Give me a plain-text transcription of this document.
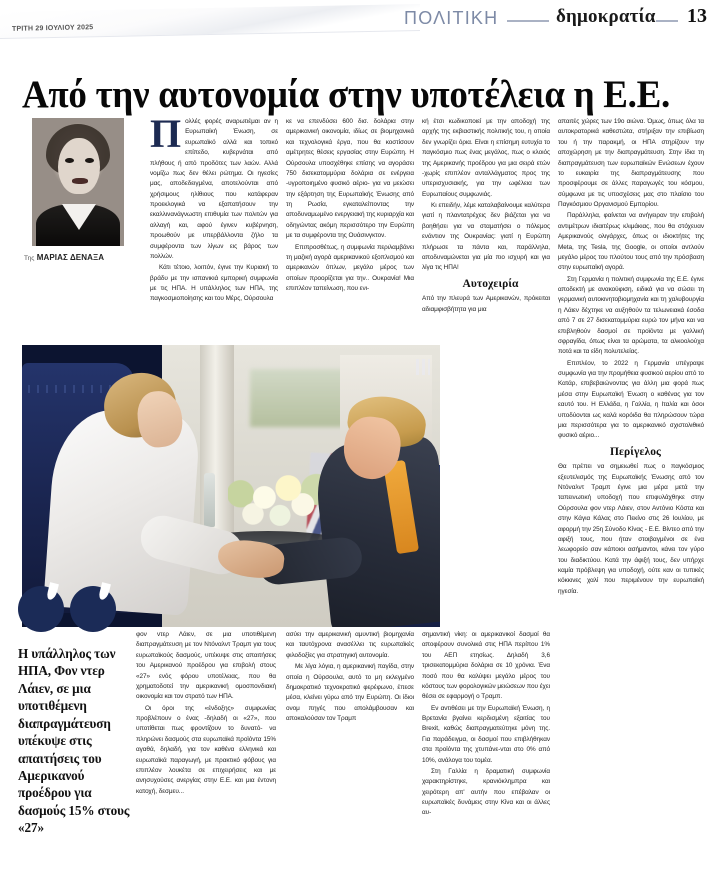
ΤΡΙΤΗ 29 ΙΟΥΛΙΟΥ 2025
ΠΟΛΙΤΙΚΗ	δημοκρατία 13
Από την αυτονομία στην υποτέλεια η Ε.Ε.
Της ΜΑΡΙΑΣ ΔΕΝΑΞΑ

Πολλές φορές αναρωτιέμαι αν η Ευρωπαϊκή Ένωση, σε ευρωπαϊκό αλλά και τοπικό επίπεδο, κυβερνάται από πλήθους ή από προδότες των λαών. Αλλά νομίζω πως δεν θέλει ρώτημα. Οι ηγεσίες μας, αποδεδειγμένα, αποτελούνται από χρήσιμους ηλίθιους που κατάφεραν προεκλογικά να εξαπατήσουν την εκαλλινανάγνωστη επιθυμία των πολιτών για αλλαγή και, αφού έγινεν κυβέρνηση, προωθούν με υπερβάλλοντα ζήλο τα συμφέροντα των λίγων εις βάρος των πολλών.

Κάτι τέτοιο, λοιπόν, έγινε την Κυριακή το βράδυ με την ισπανικιά εμπορική συμφωνία με τις ΗΠΑ. Η υπάλληλος των ΗΠΑ, της παγκοσμιοποίησης και του Μέρς, Ούρσουλα

κε να επενδύσει 600 δισ. δολάρια στην αμερικανική οικονομία, ιδίως σε βιομηχανικά και τεχνολογικά έργα, που θα κοστίσουν αμέτρητες θέσεις εργασίας στην Ευρώπη. Η Ούρσουλα υποσχέθηκε επίσης να αγοράσει 750 δισεκατομμύρια δολάρια σε ενέργεια -υγροποιημένο φυσικό αέριο- για να μειώσει την εξάρτηση της Ευρωπαϊκής Ένωσης από τη Ρωσία, εγκαταλείποντας την αποδυναμωμένο ενεργειακή της κυριαρχία και οδηγώντας ακόμη περισσότερο την Ευρώπη με τα συμφέροντα της Ουάσινγκτον.

Επιπροσθέτως, η συμφωνία περιλαμβάνει τη μαζική αγορά αμερικανικού εξοπλισμού και αμερικανών όπλων, μεγάλο μέρος των οποίων προορίζεται για την.. Ουκρανία! Μια επιπλέον ταπείνωση, που ενι-

κή έτσι κωδικοποιεί με την αποδοχή της αρχής της εκβιαστικής πολιτικής του, η οποία δεν γνωρίζει όρια. Είναι η επίσημη ευτυχία το παγκόσμιο πως ένας μεγάλος, πως ο κλοιός της Αμερικανής προέδρου για μια σειρά ετών -χωρίς επιπλέον ανταλλάγματος προς της υπερισχυσιακής, για την ωφέλεια των Ευρωπαίους συμφωνιάς.

Κι επειδήν, λέμε καταλαβαίνουμε καλύτερα γιατί η πλαντατρέχεις δεν βιάζεται για να βοηθήσει για να σταματήσει ο πόλεμος ενάντιον της Ουκρανίας: γιατί η Ευρώπη πλήρωσε τα πάντα και, παράλληλα, αποδυναμώνεται για μία πιο ισχυρή και για λίγα τις ΗΠΑ!

Αυτοχειρία

Από την πλευρά των Αμερικανών, πρόκειται αδιαμφισβήτητα για μια

απαιτές χώρες των 19ο αιώνα. Όμως, όπως όλα τα αυτοκρατορικά καθεστώτα, στήριξαν την επιβίωση του ή την παρακμή, οι ΗΠΑ στηρίζουν την αποχώρηση με την διαπραγμάτευση. Στην ίδια τη διαπραγμάτευση των ευρωπαϊκών Ενώσεων έχουν το ευκαιρία της διαπραγμάτευσης που προσφέρουμε σε άλλες παραγωγές του κόσμου, σύμφωνα με τις υποσχέσεις μας στο πλαίσιο του Παγκόσμιου Οργανισμού Εμπορίου.

Παράλληλα, φαίνεται να ανήγειραν την επιβολή αντιμέτρων ιδιαιτέρως κλιμάκιας, που θα στόχευαν Αμερικανούς ολιγάρχες, όπως οι ιδιοκτήτες της Meta, της Tesla, της Google, οι οποίοι αντλούν μεγάλο μέρος του πλούτου τους από την πρόσβαση στην ευρωπαϊκή αγορά.

Στη Γερμανία η πολιτική συμφωνία της Ε.Ε. έγινε αποδεκτή με ανακούφιση, ειδικά για να σώσει τη γερμανική αυτοκινητοβιομηχανία και τη χαλυβουργία η Λάιεν δέχτηκε να αυξηθούν τα τελωνειακά έσοδα από 7 σε 27 δισεκατομμύρια ευρώ τον μήνα και να επιβληθούν δασμοί σε προϊόντα με γαλλική σφραγίδα, όπως είναι τα αρώματα, τα αλκοολούχα ποτά και τα είδη πολυτελείας.

Επιπλέον, το 2022 η Γερμανία υπέγραψε συμφωνία για την προμήθεια φυσικού αερίου από το Κατάρ, επιβεβαιώνοντας για άλλη μια φορά πως μέσα στην Ευρωπαϊκή Ένωση ο καθένας για τον εαυτό του. Η Ελλάδα, η Γαλλία, η Ιταλία και όσοι υποδύονται ως καλά κορόιδα θα πληρώσουν τώρα μια περισσότερα για το αμερικανικό σχιστολιθικό φυσικό αέριο...

Περίγελος

Θα πρέπει να σημειωθεί πως ο παγκόσμιος εξευτελισμός της Ευρωπαϊκής Ένωσης από τον Ντόναλντ Τραμπ έγινε μια μέρα μετά την ταπεινωτική υποδοχή που επιφυλάχθηκε στην Ούρσουλα φον ντερ Λάιεν, στον Αντόνιο Κόστα και στην Κάγια Κάλας στο Πεκίνο στις 26 Ιουλίου, με αφορμή την 25η Σύνοδο Κίνας - Ε.Ε. Βίντεο από την αφιξή τους, που ήταν στοιβαγμένοι σε ένα λεωφορείο σαν κάποιοι ασήμαντοι, κάνει τον γύρο του διαδικτύου. Κατά την άφιξή τους, δεν υπήρχε καμία πρόβλεψη για υποδοχή, ούτε καν οι τυπικές κόκκινες χαλί που περιμένουν την ευρωπαϊκή ηγεσία.

Η υπάλληλος των ΗΠΑ, Φον ντερ Λάιεν, σε μια υποτιθέμενη διαπραγμάτευση υπέκυψε στις απαιτήσεις του Αμερικανού προέδρου για δασμούς 15% στους «27»

φον ντερ Λάιεν, σε μια υποτιθέμενη διαπραγμάτευση με τον Ντόναλντ Τραμπ για τους ευρωπαϊκούς δασμούς, υπέκυψε στις απαιτήσεις του Αμερικανού προέδρου για επιβολή στους «27» ενός φόρου υποτέλειας, που θα χρηματοδοτεί την αμερικανική ομοσπονδιακή οικονομία και τον στρατό των ΗΠΑ.

Οι όροι της «ένδοξης» συμφωνίας προβλέπουν ο ένας -δηλαδή οι «27», που υποτίθεται πως φροντίζουν το δυνατό- να πληρώνει δασμούς στα ευρωπαϊκά προϊόντα 15% αγαθά, δηλαδή, για τον καθένα ελληνικά και ευρωπαϊκά παραγωγή, με πρακτικό φόβους για επιπλέον λουκέτα σε επιχειρήσεις και με ανησυχούσες ανεργίας στην Ε.Ε. και μια έντονη κατοχή, δεσμευ...

ασύει την αμερικανική αμυντική βιομηχανία και ταυτόχρονα ανασέλλει τις ευρωπαϊκές φιλοδοξίες για στρατηγική αυτονομία.

Με λίγα λόγια, η αμερικανική παγίδα, στην οποία η Ούρσουλα, αυτό το μη εκλεγμένο δημοκρατικό τεχνοκρατικό φερέφωνο, έπεσε μέσα, κλείνει γύρω από την Ευρώπη. Οι ίδιοι ονομ πηγές που απολάμβουσαν και αποκαλούσαν τον Τραμπ

σημαντική νίκη: οι αμερικανικοί δασμοί θα αποφέρουν συνολικά στις ΗΠΑ περίπου 1% του ΑΕΠ ετησίως. Δηλαδή 3,6 τρισεκατομμύρια δολάρια σε 10 χρόνια. Ένα ποσό που θα καλύψει μεγάλο μέρος του κόστους των φορολογικών μειώσεων που έχει θέσει σε εφαρμογή ο Τραμπ.

Εν αντιθέσει με την Ευρωπαϊκή Ένωση, η Βρετανία βγαίνει κερδισμένη εξαιτίας του Brexit, καθώς διαπραγματεύτηκε μόνη της. Για παράδειγμα, οι δασμοί που επιβλήθηκαν στα προϊόντα της χτυπάνε-νται στο 0% από 10%, ανάλογα του τομέα.

Στη Γαλλία η δραματική συμφωνία χαρακτηρίστηκε, κρανιόκλημπρα και χειρότερη απ' αυτήν που επέβαλαν οι ευρωπαϊκές δυνάμεις στην Κίνα και οι άλλες αυ-
